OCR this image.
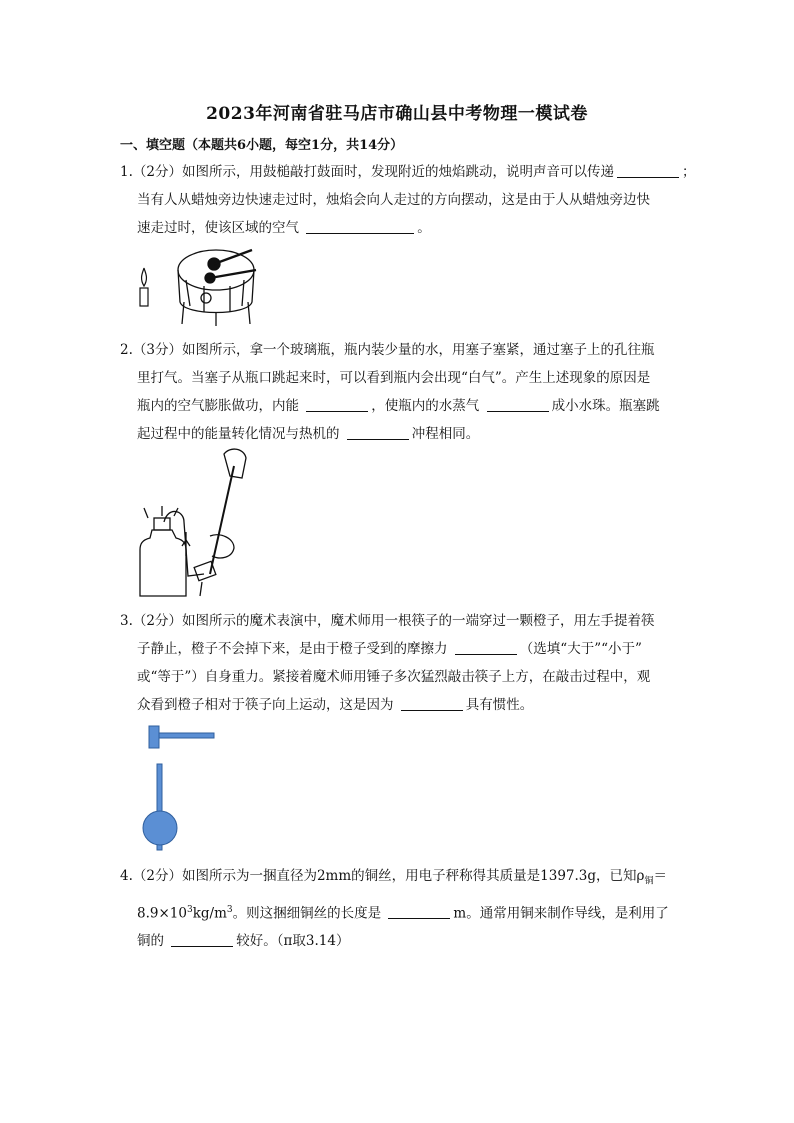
2023年河南省驻马店市确山县中考物理一模试卷
一、填空题（本题共6小题，每空1分，共14分）
1.（2分）如图所示，用鼓槌敲打鼓面时，发现附近的烛焰跳动，说明声音可以传递	；
当有人从蜡烛旁边快速走过时，烛焰会向人走过的方向摆动，这是由于人从蜡烛旁边快
速走过时，使该区域的空气	。
2.（3分）如图所示，拿一个玻璃瓶，瓶内装少量的水，用塞子塞紧，通过塞子上的孔往瓶
里打气。当塞子从瓶口跳起来时，可以看到瓶内会出现“白气”。产生上述现象的原因是
瓶内的空气膨胀做功，内能	，使瓶内的水蒸气	成小水珠。瓶塞跳
起过程中的能量转化情况与热机的	冲程相同。
3.（2分）如图所示的魔术表演中，魔术师用一根筷子的一端穿过一颗橙子，用左手提着筷
子静止，橙子不会掉下来，是由于橙子受到的摩擦力	（选填“大于”“小于”
或“等于”）自身重力。紧接着魔术师用锤子多次猛烈敲击筷子上方，在敲击过程中，观
众看到橙子相对于筷子向上运动，这是因为	具有惯性。
4.（2分）如图所示为一捆直径为2mm的铜丝，用电子秤称得其质量是1397.3g，已知$\rho_铜=$
$8.9\times 10^3kg/m^3$。则这捆细铜丝的长度是	m。通常用铜来制作导线，是利用了
铜的	较好。（π取3.14）
